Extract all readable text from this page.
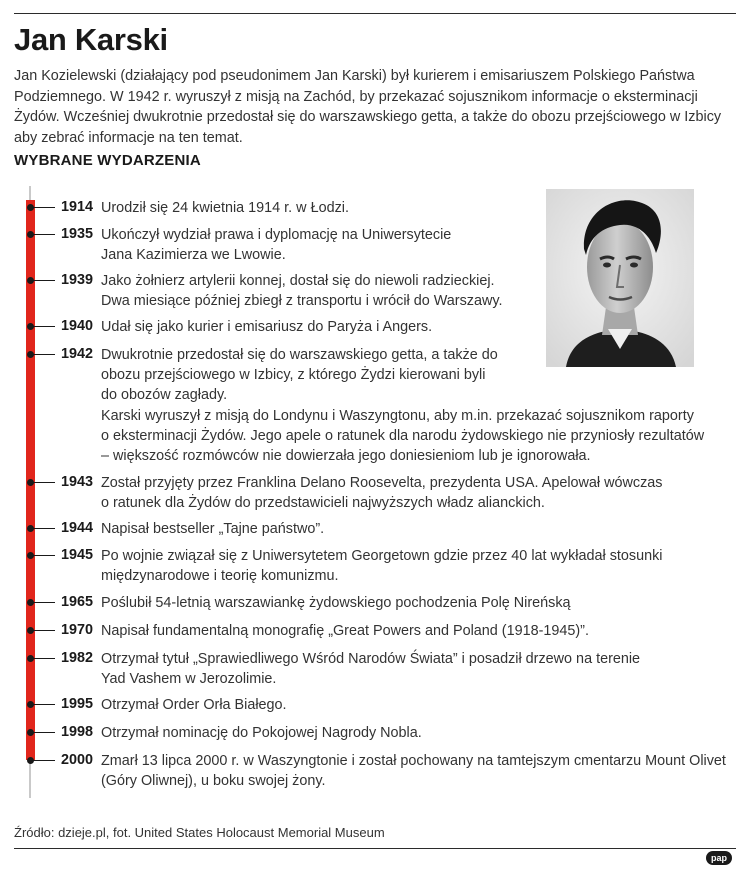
Jan Karski

Jan Kozielewski (działający pod pseudonimem Jan Karski) był kurierem i emisariuszem Polskiego Państwa Podziemnego. W 1942 r. wyruszył z misją na Zachód, by przekazać sojusznikom informacje o eksterminacji Żydów. Wcześniej dwukrotnie przedostał się do warszawskiego getta, a także do obozu przejściowego w Izbicy aby zebrać informacje na ten temat.

WYBRANE WYDARZENIA
1914 Urodził się 24 kwietnia 1914 r. w Łodzi.
1935 Ukończył wydział prawa i dyplomację na Uniwersytecie
Jana Kazimierza we Lwowie.
1939 Jako żołnierz artylerii konnej, dostał się do niewoli radzieckiej.
Dwa miesiące później zbiegł z transportu i wrócił do Warszawy.
1940 Udał się jako kurier i emisariusz do Paryża i Angers.
1942 Dwukrotnie przedostał się do warszawskiego getta, a także do
obozu przejściowego w Izbicy, z którego Żydzi kierowani byli
do obozów zagłady.
Karski wyruszył z misją do Londynu i Waszyngtonu, aby m.in. przekazać sojusznikom raporty
o eksterminacji Żydów. Jego apele o ratunek dla narodu żydowskiego nie przyniosły rezultatów
– większość rozmówców nie dowierzała jego doniesieniom lub je ignorowała.
1943 Został przyjęty przez Franklina Delano Roosevelta, prezydenta USA. Apelował wówczas
o ratunek dla Żydów do przedstawicieli najwyższych władz alianckich.
1944 Napisał bestseller „Tajne państwo”.
1945 Po wojnie związał się z Uniwersytetem Georgetown gdzie przez 40 lat wykładał stosunki
międzynarodowe i teorię komunizmu.
1965 Poślubił 54-letnią warszawiankę żydowskiego pochodzenia Polę Nireńską
1970 Napisał fundamentalną monografię „Great Powers and Poland (1918-1945)”.
1982 Otrzymał tytuł „Sprawiedliwego Wśród Narodów Świata” i posadził drzewo na terenie
Yad Vashem w Jerozolimie.
1995 Otrzymał Order Orła Białego.
1998 Otrzymał nominację do Pokojowej Nagrody Nobla.
2000 Zmarł 13 lipca 2000 r. w Waszyngtonie i został pochowany na tamtejszym cmentarzu Mount Olivet
(Góry Oliwnej), u boku swojej żony.

Źródło: dzieje.pl, fot. United States Holocaust Memorial Museum

pap
